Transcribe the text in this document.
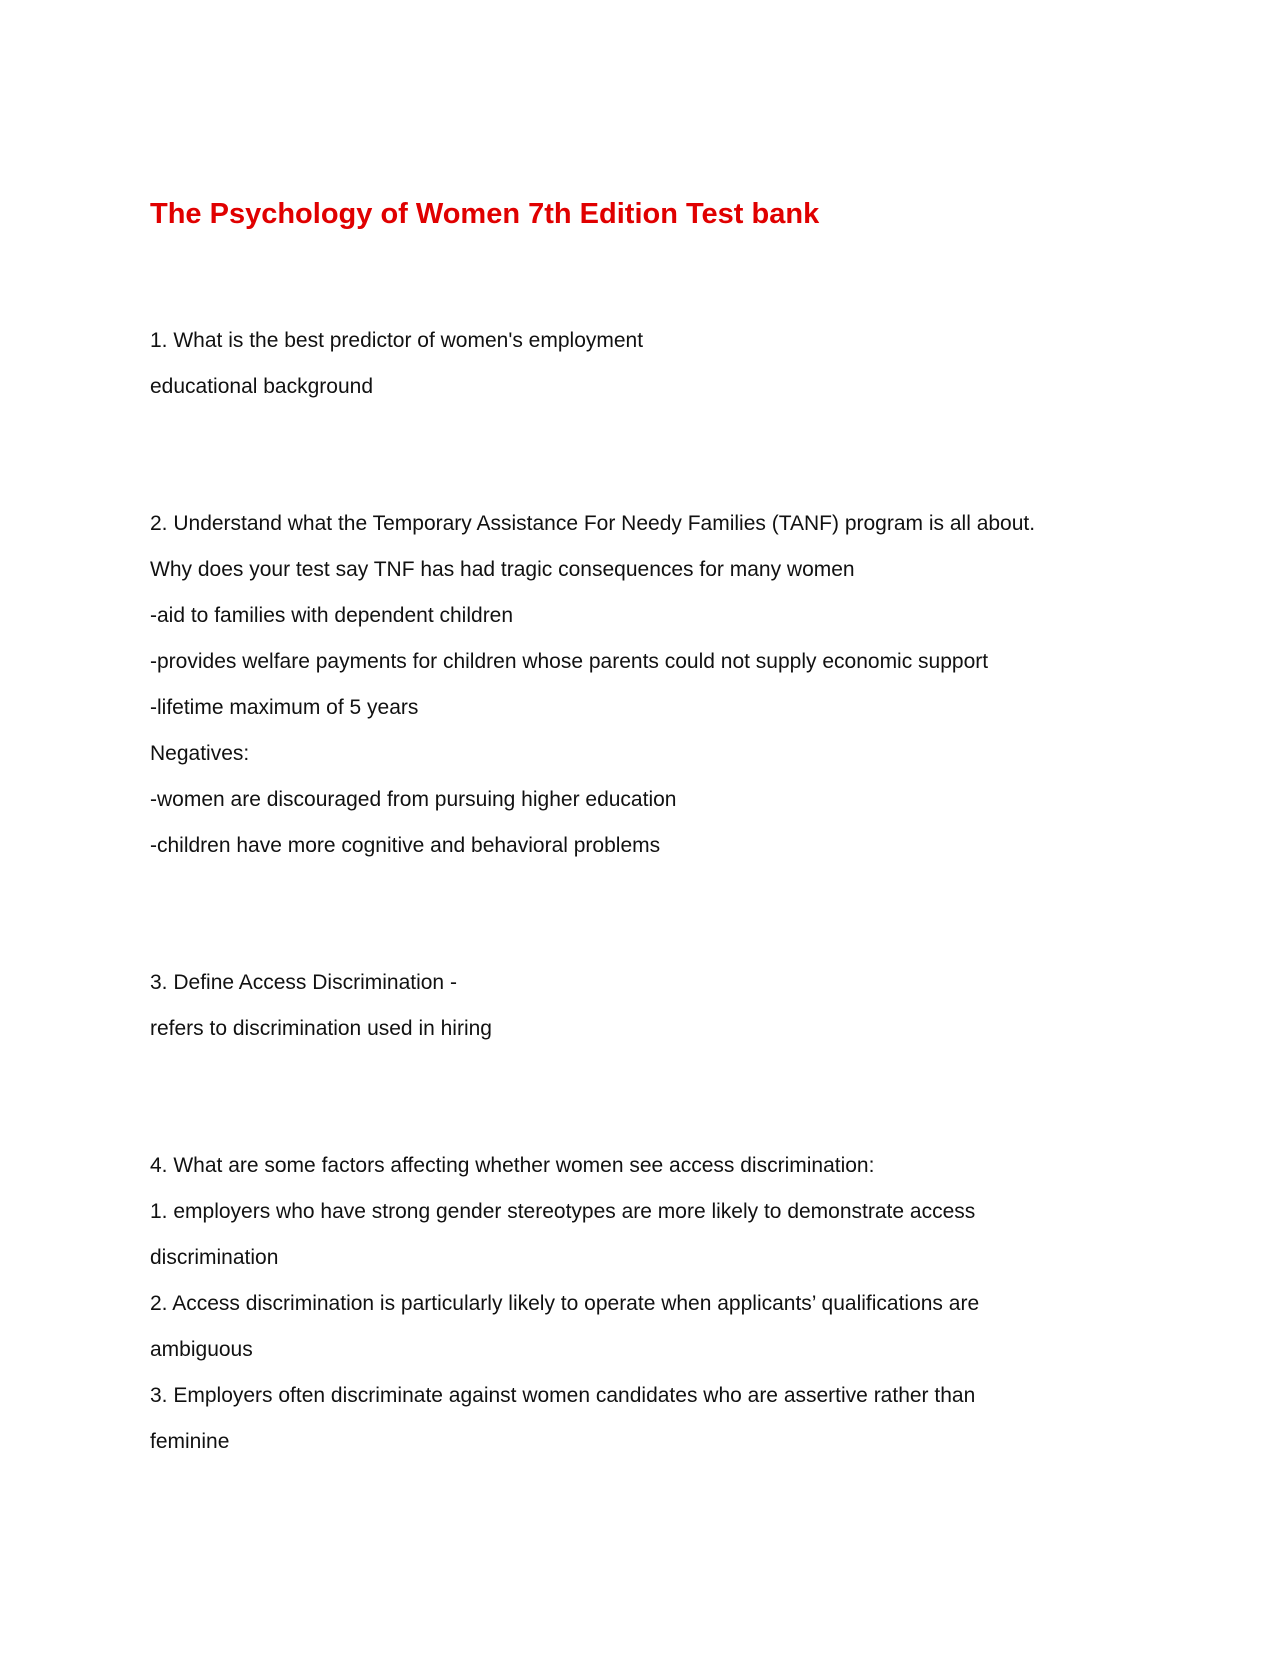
The Psychology of Women 7th Edition Test bank
1. What is the best predictor of women's employment
educational background
2. Understand what the Temporary Assistance For Needy Families (TANF) program is all about.
Why does your test say TNF has had tragic consequences for many women
-aid to families with dependent children
-provides welfare payments for children whose parents could not supply economic support
-lifetime maximum of 5 years
Negatives:
-women are discouraged from pursuing higher education
-children have more cognitive and behavioral problems
3. Define Access Discrimination -
refers to discrimination used in hiring
4. What are some factors affecting whether women see access discrimination:
1. employers who have strong gender stereotypes are more likely to demonstrate access
discrimination
2. Access discrimination is particularly likely to operate when applicants’ qualifications are
ambiguous
3. Employers often discriminate against women candidates who are assertive rather than
feminine
